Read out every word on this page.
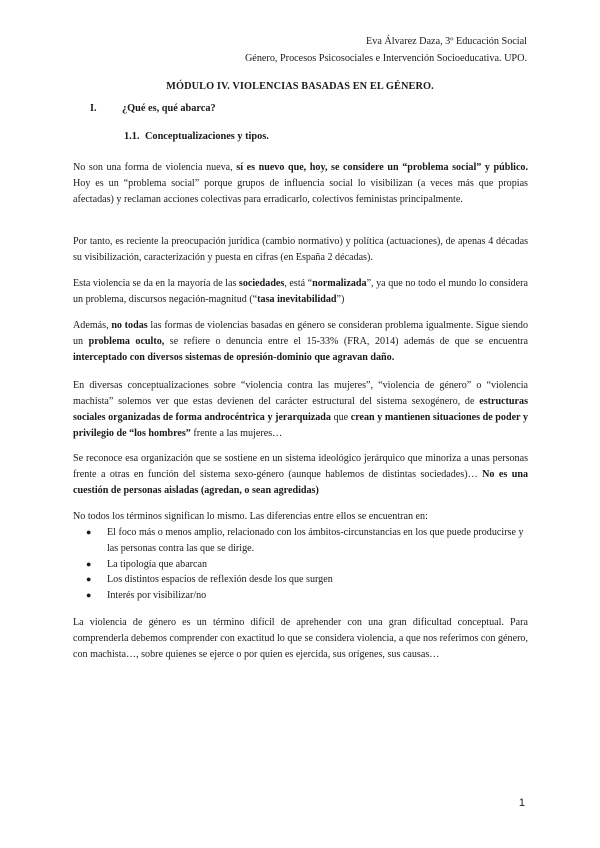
Eva Álvarez Daza, 3º Educación Social
Género, Procesos Psicosociales e Intervención Socioeducativa. UPO.
MÓDULO IV. VIOLENCIAS BASADAS EN EL GÉNERO.
I. ¿Qué es, qué abarca?
1.1. Conceptualizaciones y tipos.

No son una forma de violencia nueva, sí es nuevo que, hoy, se considere un “problema social” y público. Hoy es un “problema social” porque grupos de influencia social lo visibilizan (a veces más que propias afectadas) y reclaman acciones colectivas para erradicarlo, colectivos feministas principalmente.

Por tanto, es reciente la preocupación jurídica (cambio normativo) y política (actuaciones), de apenas 4 décadas su visibilización, caracterización y puesta en cifras (en España 2 décadas).

Esta violencia se da en la mayoría de las sociedades, está “normalizada”, ya que no todo el mundo lo considera un problema, discursos negación-magnitud (“tasa inevitabilidad”)

Además, no todas las formas de violencias basadas en género se consideran problema igualmente. Sigue siendo un problema oculto, se refiere o denuncia entre el 15-33% (FRA, 2014) además de que se encuentra interceptado con diversos sistemas de opresión-dominio que agravan daño.

En diversas conceptualizaciones sobre “violencia contra las mujeres”, “violencia de género” o “violencia machista” solemos ver que estas devienen del carácter estructural del sistema sexogénero, de estructuras sociales organizadas de forma androcéntrica y jerarquizada que crean y mantienen situaciones de poder y privilegio de “los hombres” frente a las mujeres…

Se reconoce esa organización que se sostiene en un sistema ideológico jerárquico que minoriza a unas personas frente a otras en función del sistema sexo-género (aunque hablemos de distintas sociedades)… No es una cuestión de personas aisladas (agredan, o sean agredidas)

No todos los términos significan lo mismo. Las diferencias entre ellos se encuentran en:

● El foco más o menos amplio, relacionado con los ámbitos-circunstancias en los que puede producirse y las personas contra las que se dirige.
● La tipología que abarcan
● Los distintos espacios de reflexión desde los que surgen
● Interés por visibilizar/no

La violencia de género es un término difícil de aprehender con una gran dificultad conceptual. Para comprenderla debemos comprender con exactitud lo que se considera violencia, a que nos referimos con género, con machista…, sobre quienes se ejerce o por quien es ejercida, sus orígenes, sus causas…

1
